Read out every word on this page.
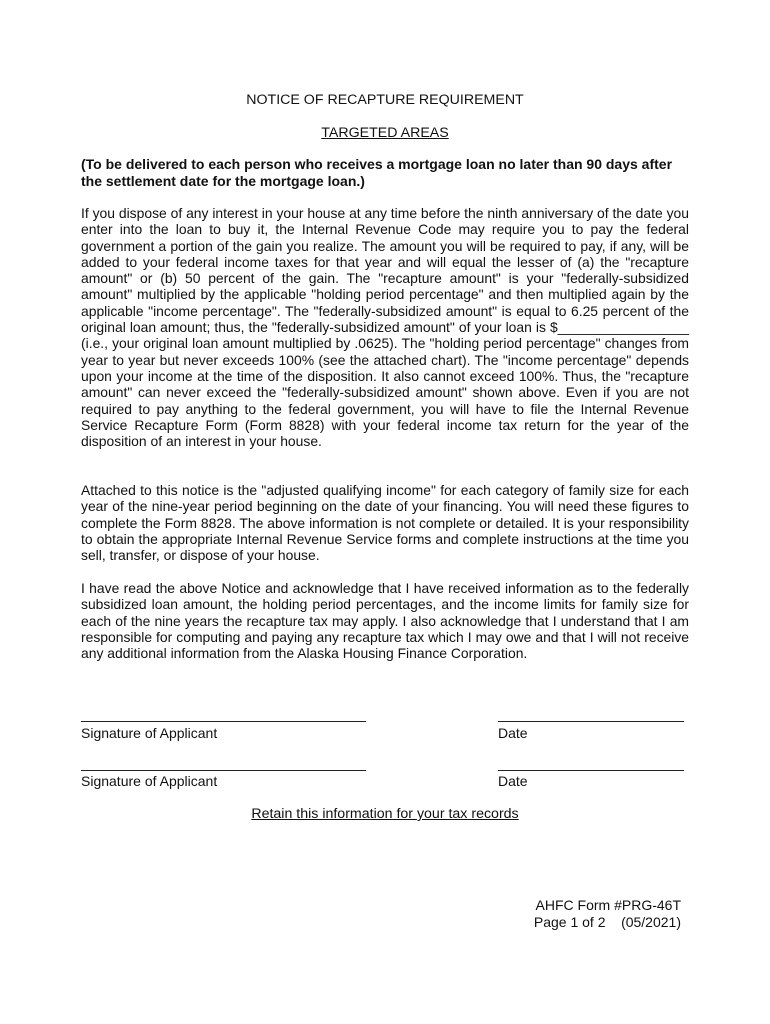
NOTICE OF RECAPTURE REQUIREMENT
TARGETED AREAS
(To be delivered to each person who receives a mortgage loan no later than 90 days after the settlement date for the mortgage loan.)
If you dispose of any interest in your house at any time before the ninth anniversary of the date you enter into the loan to buy it, the Internal Revenue Code may require you to pay the federal government a portion of the gain you realize. The amount you will be required to pay, if any, will be added to your federal income taxes for that year and will equal the lesser of (a) the "recapture amount" or (b) 50 percent of the gain. The "recapture amount" is your "federally-subsidized amount" multiplied by the applicable "holding period percentage" and then multiplied again by the applicable "income percentage". The "federally-subsidized amount" is equal to 6.25 percent of the original loan amount; thus, the "federally-subsidized amount" of your loan is $_________________ (i.e., your original loan amount multiplied by .0625). The "holding period percentage" changes from year to year but never exceeds 100% (see the attached chart). The "income percentage" depends upon your income at the time of the disposition. It also cannot exceed 100%. Thus, the "recapture amount" can never exceed the "federally-subsidized amount" shown above. Even if you are not required to pay anything to the federal government, you will have to file the Internal Revenue Service Recapture Form (Form 8828) with your federal income tax return for the year of the disposition of an interest in your house.
Attached to this notice is the "adjusted qualifying income" for each category of family size for each year of the nine-year period beginning on the date of your financing. You will need these figures to complete the Form 8828. The above information is not complete or detailed. It is your responsibility to obtain the appropriate Internal Revenue Service forms and complete instructions at the time you sell, transfer, or dispose of your house.
I have read the above Notice and acknowledge that I have received information as to the federally subsidized loan amount, the holding period percentages, and the income limits for family size for each of the nine years the recapture tax may apply. I also acknowledge that I understand that I am responsible for computing and paying any recapture tax which I may owe and that I will not receive any additional information from the Alaska Housing Finance Corporation.
Signature of Applicant	Date
Signature of Applicant	Date
Retain this information for your tax records
AHFC Form #PRG-46T
Page 1 of 2 (05/2021)
